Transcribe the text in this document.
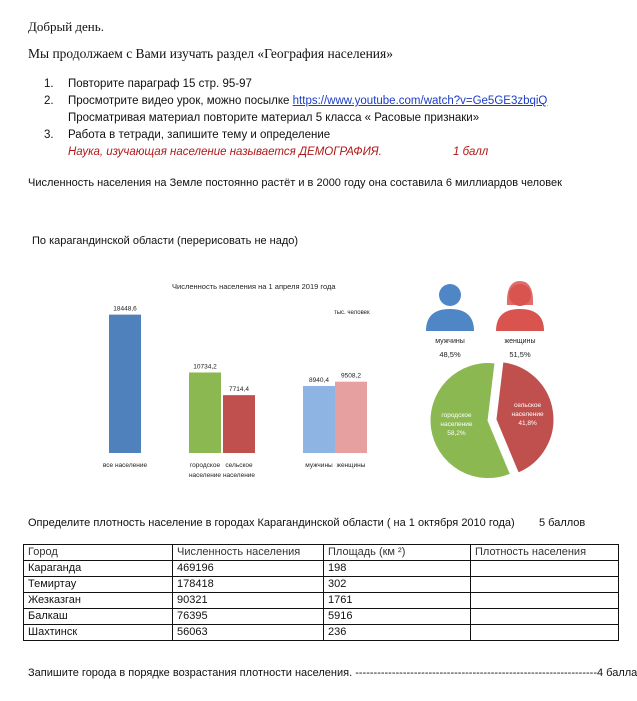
Добрый день.
Мы продолжаем с Вами изучать раздел «География населения»
1. Повторите параграф 15 стр. 95-97
2. Просмотрите видео урок, можно посылке https://www.youtube.com/watch?v=Ge5GE3zbqiQ
Просматривая материал повторите материал 5 класса « Расовые признаки»
3. Работа в тетради, запишите тему и определение
Наука, изучающая население называется ДЕМОГРАФИЯ.	1 балл
Численность населения на Земле постоянно растёт и в 2000 году она составила 6 миллиардов человек
По карагандинской области (перерисовать не надо)
Численность населения на 1 апреля 2019 года
тыс. человек
18448,6
все население
10734,2
городское
население
7714,4
сельское
население
8940,4
мужчины
9508,2
женщины
мужчины
48,5%
женщины
51,5%
сельское
население
41,8%
городское
население
58,2%
Определите плотность население в городах Карагандинской области ( на 1 октября 2010 года) 5 баллов
Город	Численность населения	Площадь (км ²)	Плотность населения
Караганда	469196	198	
Темиртау	178418	302	
Жезказган	90321	1761	
Балкаш	76395	5916	
Шахтинск	56063	236	
Запишите города в порядке возрастания плотности населения. ------------------------------------------------------------------4 балла
